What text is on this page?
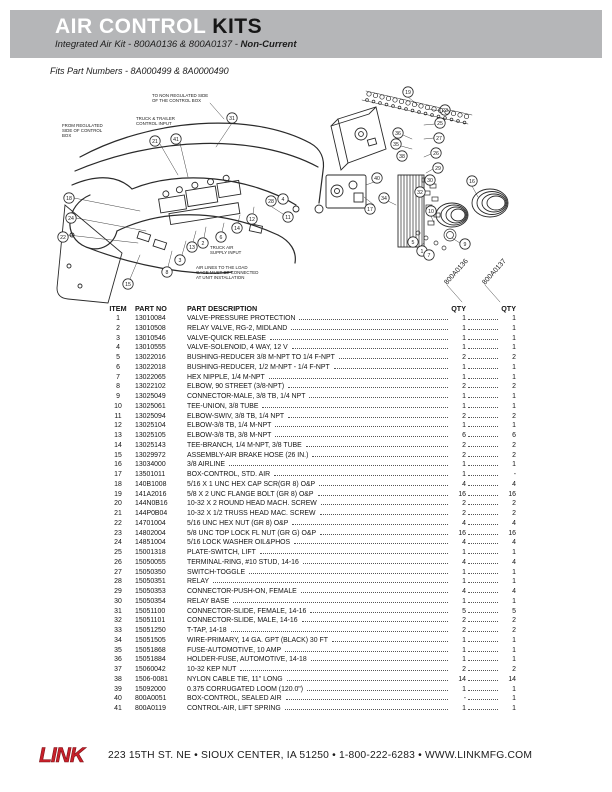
AIR CONTROL KITS

Integrated Air Kit - 800A0136 & 800A0137 - Non-Current

Fits Part Numbers - 8A000499 & 8A0000490

31
21	41
18
24
22
15
8
3
13
2
6
14
12	11
28 4
19
23
25
27
36
35
38	26
29
30
32
40	16
17
34
10
9
1
5
7
TO NON REGULATED SIDE OF THE CONTROL BOX
TRUCK & TRAILER CONTROL INPUT
FROM REGULATED SIDE OF CONTROL BOX
TRUCK AIR SUPPLY INPUT
AIR LINES TO THE LOAD GAGE MUST BE CONNECTED AT UNIT INSTALLATION	800A0136 800A0137
ITEM	PART NO	PART DESCRIPTION	QTY	QTY
1	13010084	VALVE-PRESSURE PROTECTION	1	1
2	13010508	RELAY VALVE, RG-2, MIDLAND	1	1
3	13010546	VALVE-QUICK RELEASE	1	1
4	13010555	VALVE-SOLENOID, 4 WAY, 12 V	1	1
5	13022016	BUSHING-REDUCER 3/8 M-NPT TO 1/4 F-NPT	2	2
6	13022018	BUSHING-REDUCER, 1/2 M-NPT - 1/4 F-NPT	1	1
7	13022065	HEX NIPPLE, 1/4 M-NPT	1	1
8	13022102	ELBOW, 90 STREET (3/8-NPT)	2	2
9	13025049	CONNECTOR-MALE, 3/8 TB, 1/4 NPT	1	1
10	13025061	TEE-UNION, 3/8 TUBE	1	1
11	13025094	ELBOW-SWIV, 3/8 TB, 1/4 NPT	2	2
12	13025104	ELBOW-3/8 TB, 1/4 M-NPT	1	1
13	13025105	ELBOW-3/8 TB, 3/8 M-NPT	6	6
14	13025143	TEE-BRANCH, 1/4 M-NPT, 3/8 TUBE	2	2
15	13029972	ASSEMBLY-AIR BRAKE HOSE (26 IN.)	2	2
16	13034000	3/8 AIRLINE	1	1
17	13501011	BOX-CONTROL, STD. AIR	1	-
18	140B1008	5/16 X 1 UNC HEX CAP SCR(GR 8) O&P	4	4
19	141A2016	5/8 X 2 UNC FLANGE BOLT (GR 8) O&P	16	16
20	144N0B16	10-32 X 2 ROUND HEAD MACH. SCREW	2	2
21	144P0B04	10-32 X 1/2 TRUSS HEAD MAC. SCREW	2	2
22	14701004	5/16 UNC HEX NUT (GR 8) O&P	4	4
23	14802004	5/8 UNC TOP LOCK FL NUT (GR G) O&P	16	16
24	14851004	5/16 LOCK WASHER OIL&PHOS	4	4
25	15001318	PLATE-SWITCH, LIFT	1	1
26	15050055	TERMINAL-RING, #10 STUD, 14-16	4	4
27	15050350	SWITCH-TOGGLE	1	1
28	15050351	RELAY	1	1
29	15050353	CONNECTOR-PUSH-ON, FEMALE	4	4
30	15050354	RELAY BASE	1	1
31	15051100	CONNECTOR-SLIDE, FEMALE, 14-16	5	5
32	15051101	CONNECTOR-SLIDE, MALE, 14-16	2	2
33	15051250	T-TAP, 14-18	2	2
34	15051505	WIRE-PRIMARY, 14 GA. GPT (BLACK) 30 FT	1	1
35	15051868	FUSE-AUTOMOTIVE, 10 AMP	1	1
36	15051884	HOLDER-FUSE, AUTOMOTIVE, 14-18	1	1
37	15060042	10-32 KEP NUT	2	2
38	1506-0081	NYLON CABLE TIE, 11" LONG	14	14
39	15092000	0.375 CORRUGATED LOOM (120.0")	1	1
40	800A0051	BOX-CONTROL, SEALED AIR	-	1
41	800A0119	CONTROL-AIR, LIFT SPRING	1	1
LINK 223 15TH ST. NE • SIOUX CENTER, IA 51250 • 1-800-222-6283 • WWW.LINKMFG.COM
